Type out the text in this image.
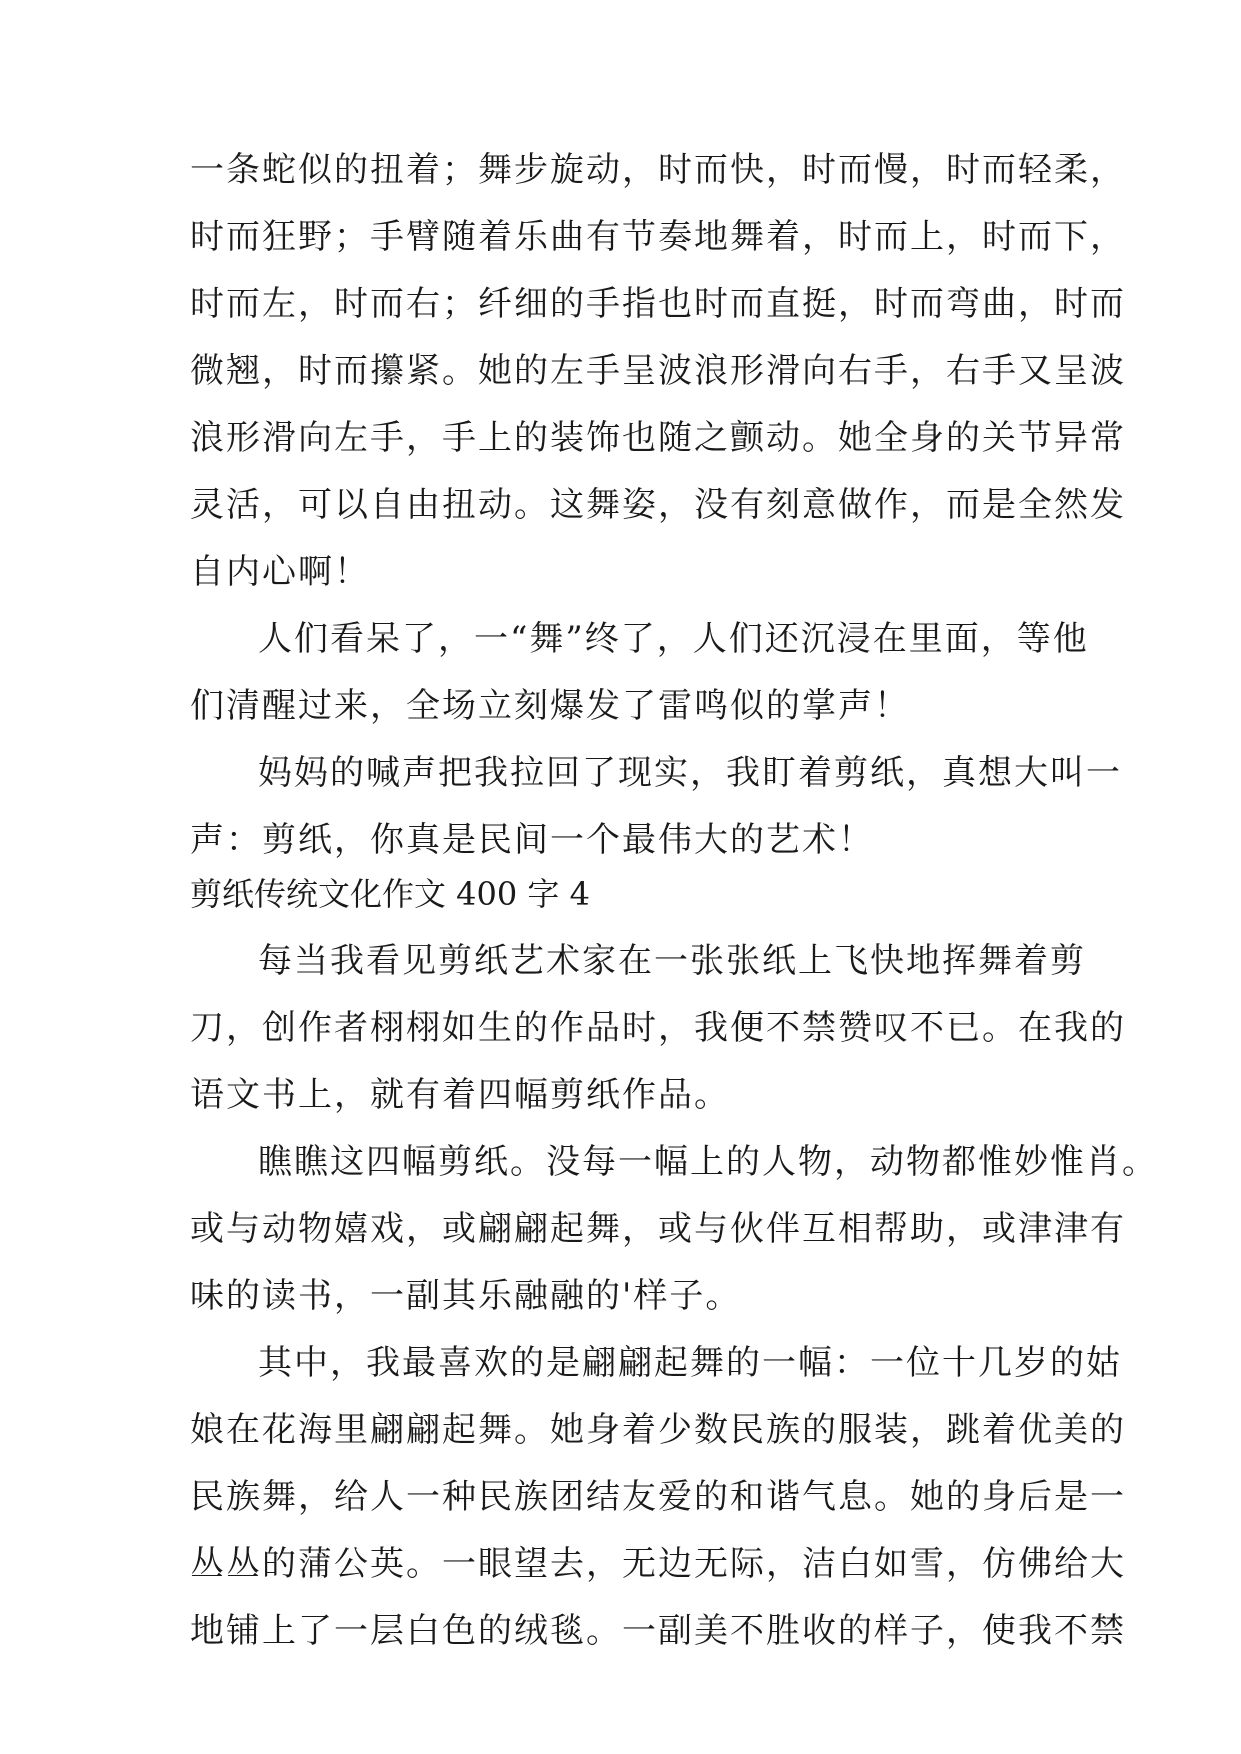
一条蛇似的扭着；舞步旋动，时而快，时而慢，时而轻柔，
时而狂野；手臂随着乐曲有节奏地舞着，时而上，时而下，
时而左，时而右；纤细的手指也时而直挺，时而弯曲，时而
微翘，时而攥紧。她的左手呈波浪形滑向右手，右手又呈波
浪形滑向左手，手上的装饰也随之颤动。她全身的关节异常
灵活，可以自由扭动。这舞姿，没有刻意做作，而是全然发
自内心啊！
人们看呆了，一“舞”终了，人们还沉浸在里面，等他
们清醒过来，全场立刻爆发了雷鸣似的掌声！
妈妈的喊声把我拉回了现实，我盯着剪纸，真想大叫一
声：剪纸，你真是民间一个最伟大的艺术！
剪纸传统文化作文 400 字 4
每当我看见剪纸艺术家在一张张纸上飞快地挥舞着剪
刀，创作者栩栩如生的作品时，我便不禁赞叹不已。在我的
语文书上，就有着四幅剪纸作品。
瞧瞧这四幅剪纸。没每一幅上的人物，动物都惟妙惟肖。
或与动物嬉戏，或翩翩起舞，或与伙伴互相帮助，或津津有
味的读书，一副其乐融融的'样子。
其中，我最喜欢的是翩翩起舞的一幅：一位十几岁的姑
娘在花海里翩翩起舞。她身着少数民族的服装，跳着优美的
民族舞，给人一种民族团结友爱的和谐气息。她的身后是一
丛丛的蒲公英。一眼望去，无边无际，洁白如雪，仿佛给大
地铺上了一层白色的绒毯。一副美不胜收的样子，使我不禁
